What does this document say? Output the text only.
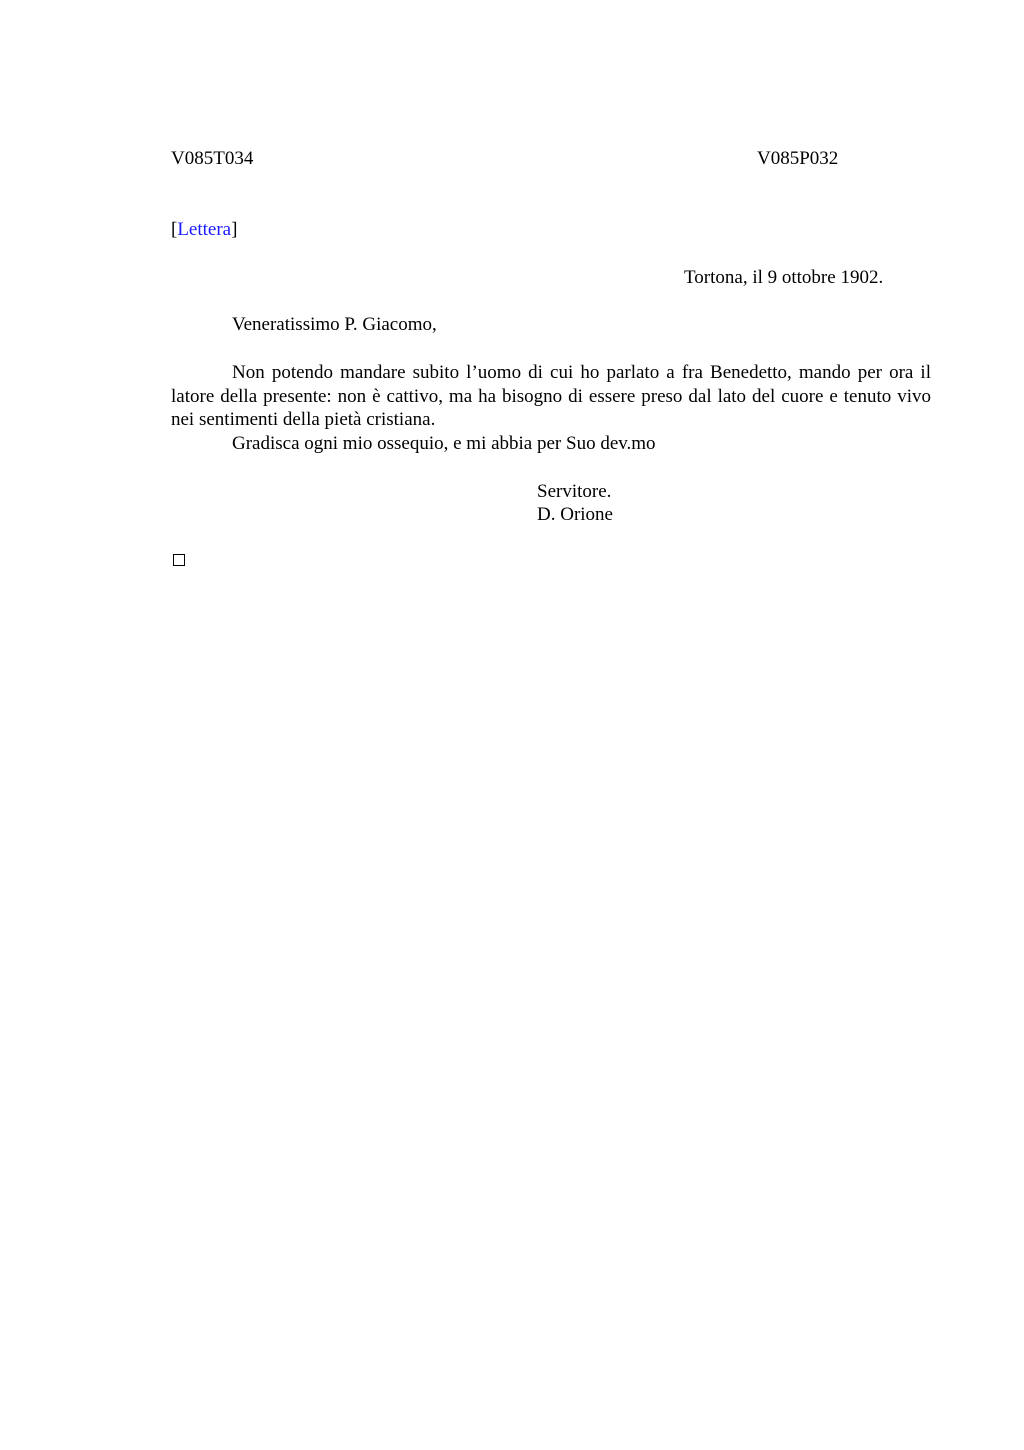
V085T034	V085P032
[Lettera]
Tortona, il 9 ottobre 1902.
Veneratissimo P. Giacomo,

Non potendo mandare subito l’uomo di cui ho parlato a fra Benedetto, mando per ora il latore della presente: non è cattivo, ma ha bisogno di essere preso dal lato del cuore e tenuto vivo nei sentimenti della pietà cristiana.

Gradisca ogni mio ossequio, e mi abbia per Suo dev.mo

Servitore.
D. Orione
